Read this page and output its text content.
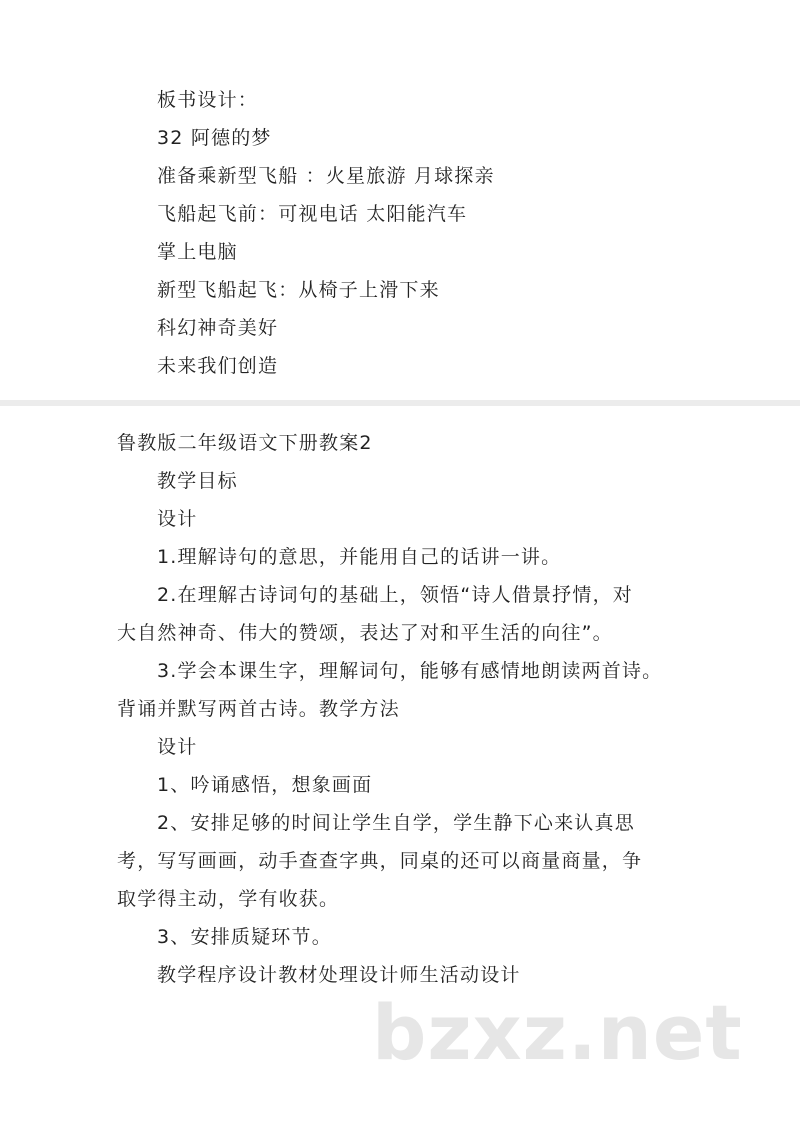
板书设计：
32 阿德的梦
准备乘新型飞船 ：火星旅游 月球探亲
飞船起飞前：可视电话 太阳能汽车
掌上电脑
新型飞船起飞：从椅子上滑下来
科幻神奇美好
未来我们创造
鲁教版二年级语文下册教案2
教学目标
设计
1.理解诗句的意思，并能用自己的话讲一讲。
2.在理解古诗词句的基础上，领悟“诗人借景抒情，对
大自然神奇、伟大的赞颂，表达了对和平生活的向往”。
3.学会本课生字，理解词句，能够有感情地朗读两首诗。
背诵并默写两首古诗。教学方法
设计
1、吟诵感悟，想象画面
2、安排足够的时间让学生自学，学生静下心来认真思
考，写写画画，动手查查字典，同桌的还可以商量商量，争
取学得主动，学有收获。
3、安排质疑环节。
教学程序设计教材处理设计师生活动设计
bzxz.net
